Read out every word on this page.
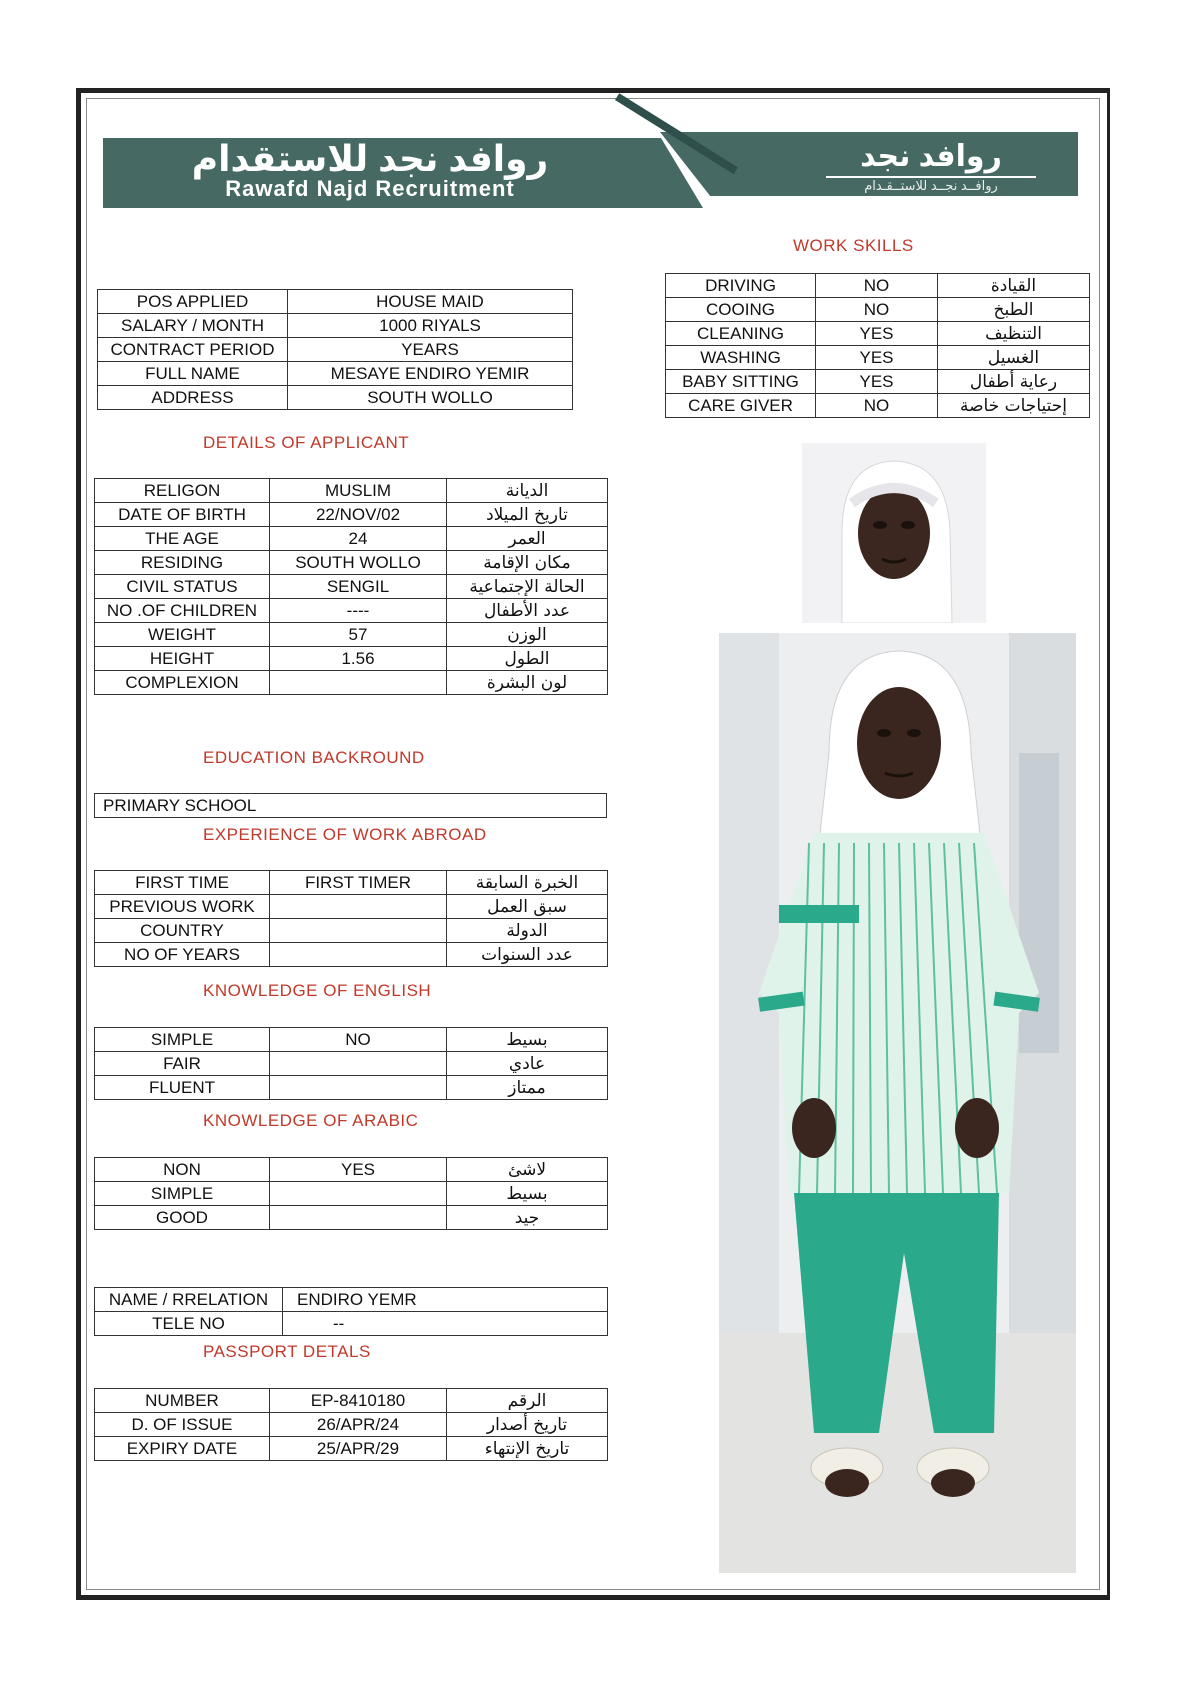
روافد نجد للاستقدام
Rawafd Najd Recruitment
روافد نجد
روافــد نجــد للاستــقـدام
WORK SKILLS
DRIVING	NO	القيادة
COOING	NO	الطبخ
CLEANING	YES	التنظيف
WASHING	YES	الغسيل
BABY SITTING	YES	رعاية أطفال
CARE GIVER	NO	إحتياجات خاصة
POS APPLIED	HOUSE MAID
SALARY / MONTH	1000 RIYALS
CONTRACT PERIOD	YEARS
FULL NAME	MESAYE ENDIRO YEMIR
ADDRESS	SOUTH WOLLO
DETAILS OF APPLICANT
RELIGON	MUSLIM	الديانة
DATE OF BIRTH	22/NOV/02	تاريخ الميلاد
THE AGE	24	العمر
RESIDING	SOUTH WOLLO	مكان الإقامة
CIVIL STATUS	SENGIL	الحالة الإجتماعية
NO .OF CHILDREN	----	عدد الأطفال
WEIGHT	57	الوزن
HEIGHT	1.56	الطول
COMPLEXION		لون البشرة
EDUCATION BACKROUND
PRIMARY SCHOOL
EXPERIENCE OF WORK ABROAD
FIRST TIME	FIRST TIMER	الخبرة السابقة
PREVIOUS WORK		سبق العمل
COUNTRY		الدولة
NO OF YEARS		عدد السنوات
KNOWLEDGE OF ENGLISH
SIMPLE	NO	بسيط
FAIR		عادي
FLUENT		ممتاز
KNOWLEDGE OF ARABIC
NON	YES	لاشئ
SIMPLE		بسيط
GOOD		جيد
NAME / RRELATION	ENDIRO YEMR
TELE NO	--
PASSPORT DETALS
NUMBER	EP-8410180	الرقم
D. OF ISSUE	26/APR/24	تاريخ أصدار
EXPIRY DATE	25/APR/29	تاريخ الإنتهاء
